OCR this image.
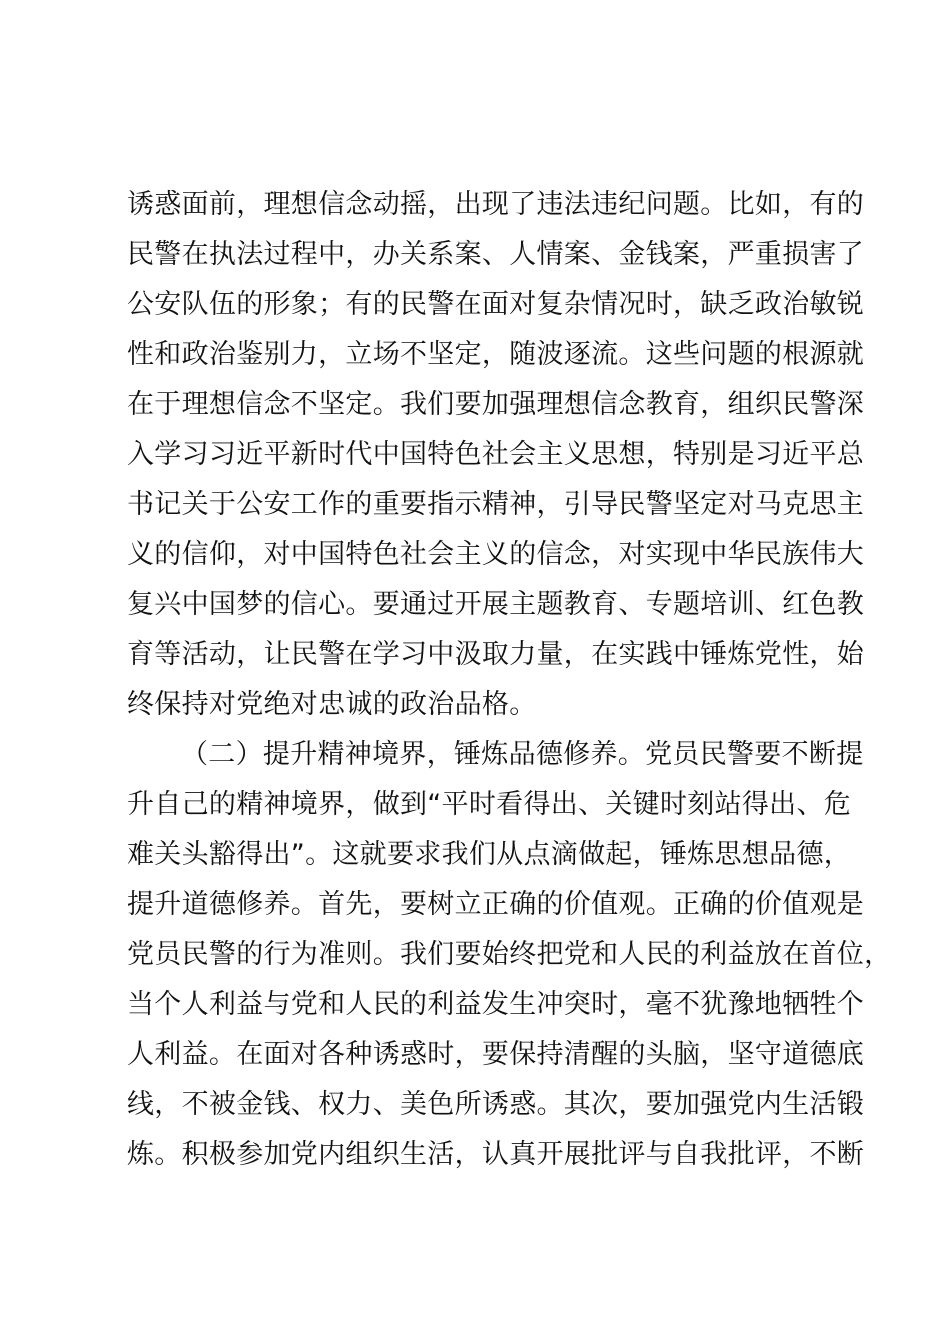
诱惑面前，理想信念动摇，出现了违法违纪问题。比如，有的
民警在执法过程中，办关系案、人情案、金钱案，严重损害了
公安队伍的形象；有的民警在面对复杂情况时，缺乏政治敏锐
性和政治鉴别力，立场不坚定，随波逐流。这些问题的根源就
在于理想信念不坚定。我们要加强理想信念教育，组织民警深
入学习习近平新时代中国特色社会主义思想，特别是习近平总
书记关于公安工作的重要指示精神，引导民警坚定对马克思主
义的信仰，对中国特色社会主义的信念，对实现中华民族伟大
复兴中国梦的信心。要通过开展主题教育、专题培训、红色教
育等活动，让民警在学习中汲取力量，在实践中锤炼党性，始
终保持对党绝对忠诚的政治品格。
（二）提升精神境界，锤炼品德修养。党员民警要不断提
升自己的精神境界，做到“平时看得出、关键时刻站得出、危
难关头豁得出”。这就要求我们从点滴做起，锤炼思想品德，
提升道德修养。首先，要树立正确的价值观。正确的价值观是
党员民警的行为准则。我们要始终把党和人民的利益放在首位，
当个人利益与党和人民的利益发生冲突时，毫不犹豫地牺牲个
人利益。在面对各种诱惑时，要保持清醒的头脑，坚守道德底
线，不被金钱、权力、美色所诱惑。其次，要加强党内生活锻
炼。积极参加党内组织生活，认真开展批评与自我批评，不断
